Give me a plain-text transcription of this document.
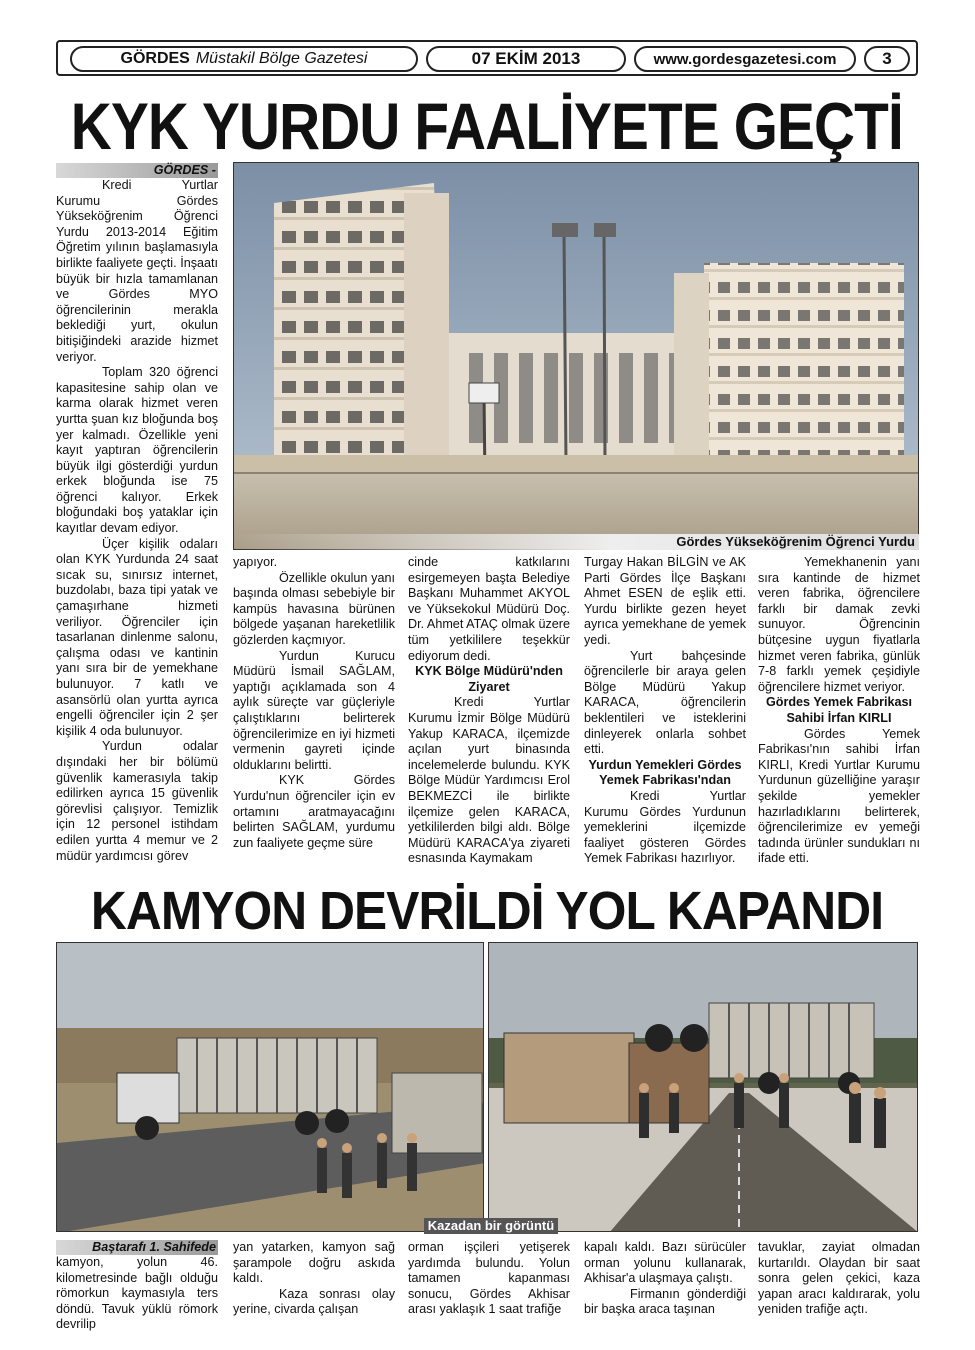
GÖRDES Müstakil Bölge Gazetesi	07 EKİM 2013	www.gordesgazetesi.com	3
KYK YURDU FAALİYETE GEÇTİ
GÖRDES -

Kredi Yurtlar Kurumu Gördes Yükseköğrenim Öğrenci Yurdu 2013-2014 Eğitim Öğretim yılının başlamasıyla birlikte faaliyete geçti. İnşaatı büyük bir hızla tamamlanan ve Gördes MYO öğrencilerinin merakla beklediği yurt, okulun bitişiğindeki arazide hizmet veriyor.

Toplam 320 öğrenci kapasitesine sahip olan ve karma olarak hizmet veren yurtta şuan kız bloğunda boş yer kalmadı. Özellikle yeni kayıt yaptıran öğrencilerin büyük ilgi gösterdiği yurdun erkek bloğunda ise 75 öğrenci kalıyor. Erkek bloğundaki boş yataklar için kayıtlar devam ediyor.

Üçer kişilik odaları olan KYK Yurdunda 24 saat sıcak su, sınırsız internet, buzdolabı, baza tipi yatak ve çamaşırhane hizmeti veriliyor. Öğrenciler için tasarlanan dinlenme salonu, çalışma odası ve kantinin yanı sıra bir de yemekhane bulunuyor. 7 katlı ve asansörlü olan yurtta ayrıca engelli öğrenciler için 2 şer kişilik 4 oda bulunuyor.

Yurdun odalar dışındaki her bir bölümü güvenlik kamerasıyla takip edilirken ayrıca 15 güvenlik görevlisi çalışıyor. Temizlik için 12 personel istihdam edilen yurtta 4 memur ve 2 müdür yardımcısı görev

Gördes Yükseköğrenim Öğrenci Yurdu

yapıyor.

Özellikle okulun yanı başında olması sebebiyle bir kampüs havasına bürünen bölgede yaşanan hareketlilik gözlerden kaçmıyor.

Yurdun Kurucu Müdürü İsmail SAĞLAM, yaptığı açıklamada son 4 aylık süreçte var güçleriyle çalıştıklarını belirterek öğrencilerimize en iyi hizmeti vermenin gayreti içinde olduklarını belirtti.

KYK Gördes Yurdu'nun öğrenciler için ev ortamını aratmayacağını belirten SAĞLAM, yurdumu zun faaliyete geçme süre

cinde katkılarını esirgemeyen başta Belediye Başkanı Muhammet AKYOL ve Yüksekokul Müdürü Doç. Dr. Ahmet ATAÇ olmak üzere tüm yetkililere teşekkür ediyorum dedi.

KYK Bölge Müdürü'nden Ziyaret

Kredi Yurtlar Kurumu İzmir Bölge Müdürü Yakup KARACA, ilçemizde açılan yurt binasında incelemelerde bulundu. KYK Bölge Müdür Yardımcısı Erol BEKMEZCİ ile birlikte ilçemize gelen KARACA, yetkililerden bilgi aldı. Bölge Müdürü KARACA'ya ziyareti esnasında Kaymakam

Turgay Hakan BİLGİN ve AK Parti Gördes İlçe Başkanı Ahmet ESEN de eşlik etti. Yurdu birlikte gezen heyet ayrıca yemekhane de yemek yedi.

Yurt bahçesinde öğrencilerle bir araya gelen Bölge Müdürü Yakup KARACA, öğrencilerin beklentileri ve isteklerini dinleyerek onlarla sohbet etti.

Yurdun Yemekleri Gördes Yemek Fabrikası'ndan

Kredi Yurtlar Kurumu Gördes Yurdunun yemeklerini ilçemizde faaliyet gösteren Gördes Yemek Fabrikası hazırlıyor.

Yemekhanenin yanı sıra kantinde de hizmet veren fabrika, öğrencilere farklı bir damak zevki sunuyor. Öğrencinin bütçesine uygun fiyatlarla hizmet veren fabrika, günlük 7-8 farklı yemek çeşidiyle öğrencilere hizmet veriyor.

Gördes Yemek Fabrikası Sahibi İrfan KIRLI

Gördes Yemek Fabrikası'nın sahibi İrfan KIRLI, Kredi Yurtlar Kurumu Yurdunun güzelliğine yaraşır şekilde yemekler hazırladıklarını belirterek, öğrencilerimize ev yemeği tadında ürünler sundukları nı ifade etti.

KAMYON DEVRİLDİ YOL KAPANDI
Kazadan bir görüntü
Baştarafı 1. Sahifede

kamyon, yolun 46. kilometresinde bağlı olduğu römorkun kaymasıyla ters döndü. Tavuk yüklü römork devrilip

yan yatarken, kamyon sağ şarampole doğru askıda kaldı.

Kaza sonrası olay yerine, civarda çalışan

orman işçileri yetişerek yardımda bulundu. Yolun tamamen kapanması sonucu, Gördes Akhisar arası yaklaşık 1 saat trafiğe

kapalı kaldı. Bazı sürücüler orman yolunu kullanarak, Akhisar'a ulaşmaya çalıştı.

Firmanın gönderdiği bir başka araca taşınan

tavuklar, zayiat olmadan kurtarıldı. Olaydan bir saat sonra gelen çekici, kaza yapan aracı kaldırarak, yolu yeniden trafiğe açtı.
